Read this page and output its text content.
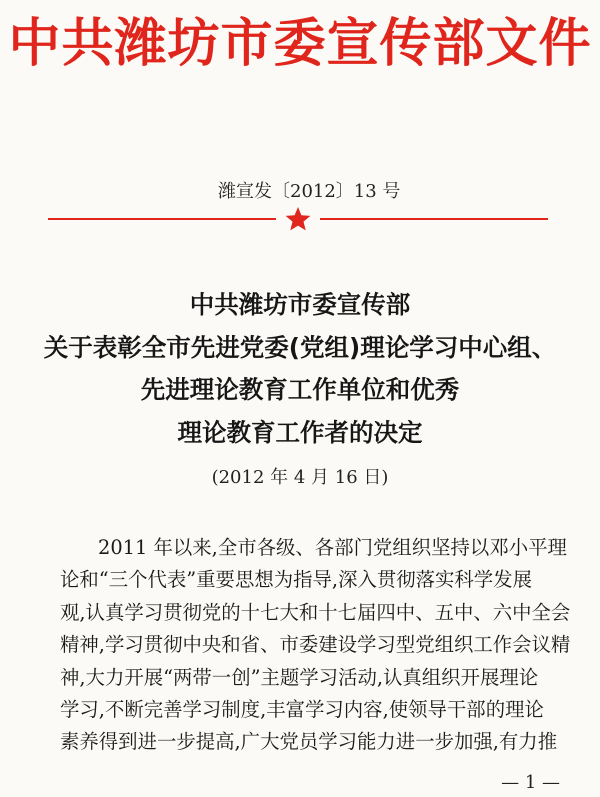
中共潍坊市委宣传部文件
潍宣发〔2012〕13 号
中共潍坊市委宣传部
关于表彰全市先进党委(党组)理论学习中心组、
先进理论教育工作单位和优秀
理论教育工作者的决定
(2012 年 4 月 16 日)
2011 年以来,全市各级、各部门党组织坚持以邓小平理
论和“三个代表”重要思想为指导,深入贯彻落实科学发展
观,认真学习贯彻党的十七大和十七届四中、五中、六中全会
精神,学习贯彻中央和省、市委建设学习型党组织工作会议精
神,大力开展“两带一创”主题学习活动,认真组织开展理论
学习,不断完善学习制度,丰富学习内容,使领导干部的理论
素养得到进一步提高,广大党员学习能力进一步加强,有力推
— 1 —
